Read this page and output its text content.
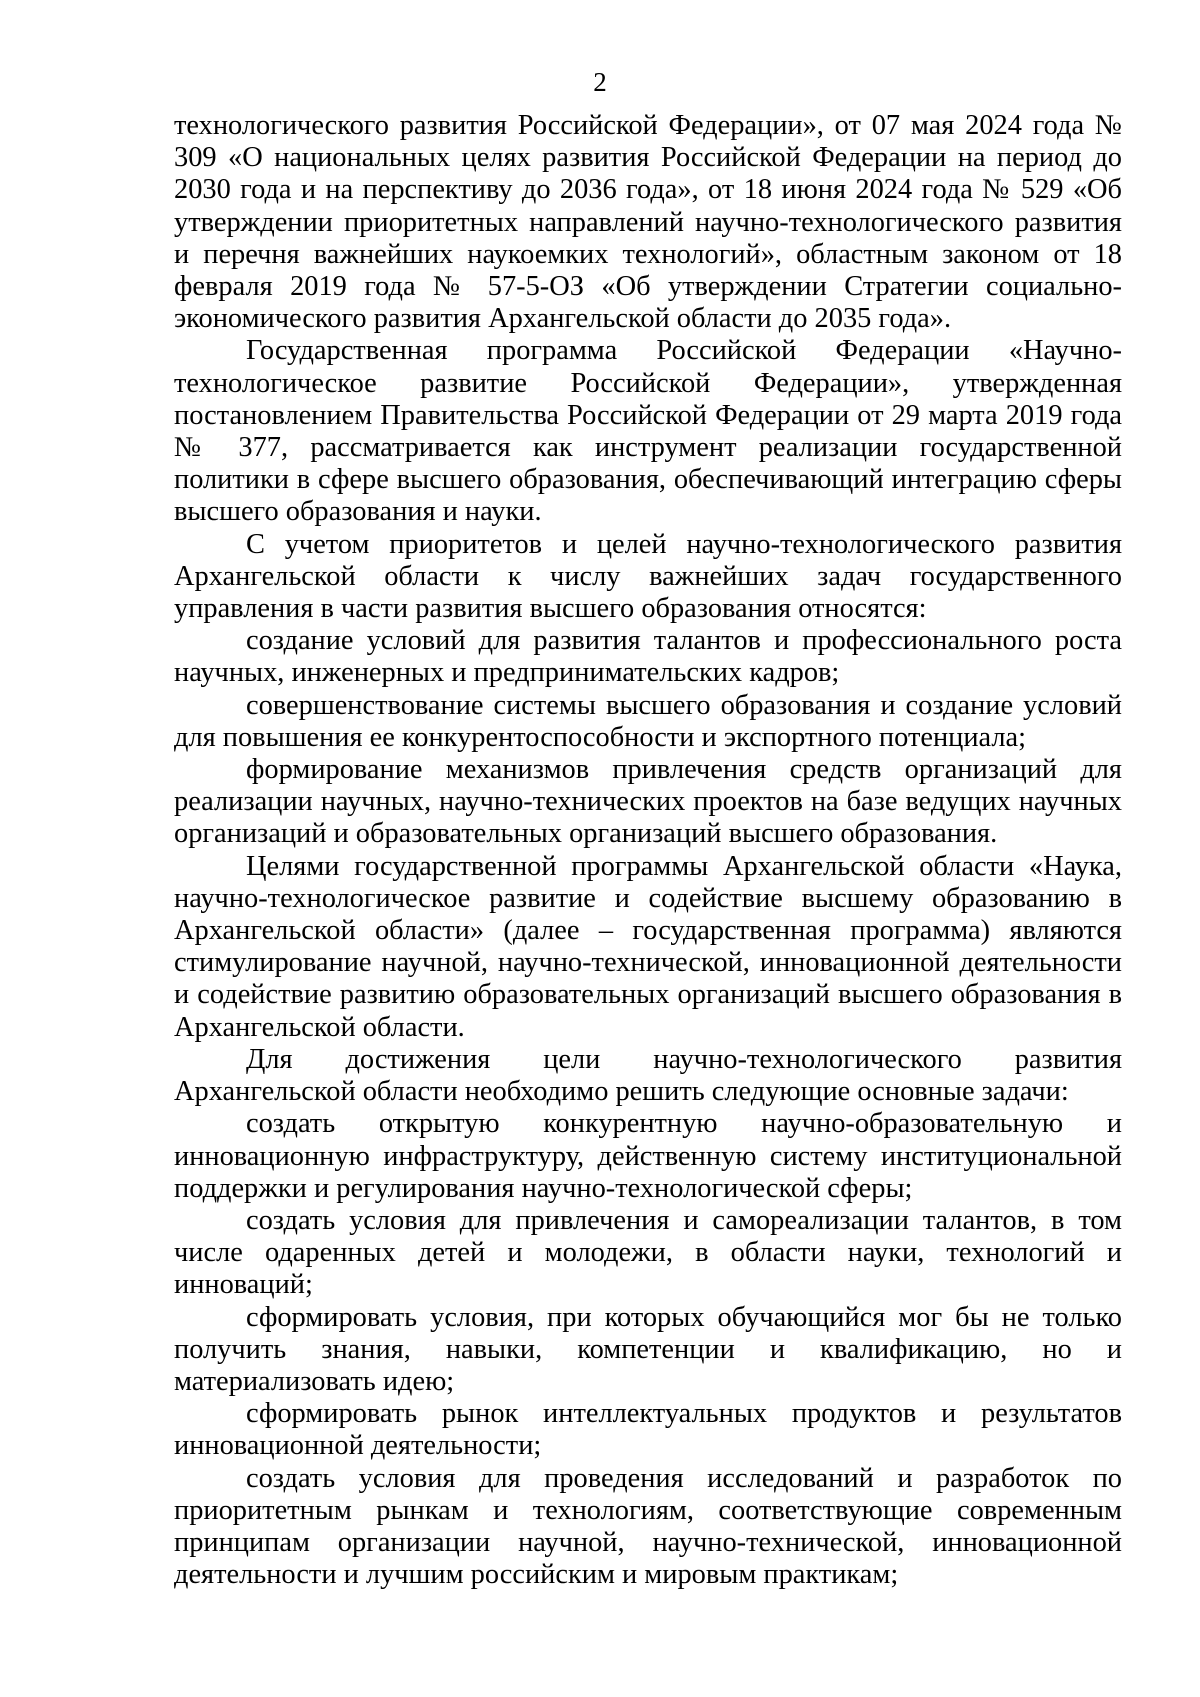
2

технологического развития Российской Федерации», от 07 мая 2024 года № 309 «О национальных целях развития Российской Федерации на период до 2030 года и на перспективу до 2036 года», от 18 июня 2024 года № 529 «Об утверждении приоритетных направлений научно-технологического развития и перечня важнейших наукоемких технологий», областным законом от 18 февраля 2019 года № 57-5-ОЗ «Об утверждении Стратегии социально-экономического развития Архангельской области до 2035 года».

Государственная программа Российской Федерации «Научно-технологическое развитие Российской Федерации», утвержденная постановлением Правительства Российской Федерации от 29 марта 2019 года № 377, рассматривается как инструмент реализации государственной политики в сфере высшего образования, обеспечивающий интеграцию сферы высшего образования и науки.

С учетом приоритетов и целей научно-технологического развития Архангельской области к числу важнейших задач государственного управления в части развития высшего образования относятся:

создание условий для развития талантов и профессионального роста научных, инженерных и предпринимательских кадров;

совершенствование системы высшего образования и создание условий для повышения ее конкурентоспособности и экспортного потенциала;

формирование механизмов привлечения средств организаций для реализации научных, научно-технических проектов на базе ведущих научных организаций и образовательных организаций высшего образования.

Целями государственной программы Архангельской области «Наука, научно-технологическое развитие и содействие высшему образованию в Архангельской области» (далее – государственная программа) являются стимулирование научной, научно-технической, инновационной деятельности и содействие развитию образовательных организаций высшего образования в Архангельской области.

Для достижения цели научно-технологического развития Архангельской области необходимо решить следующие основные задачи:

создать открытую конкурентную научно-образовательную и инновационную инфраструктуру, действенную систему институциональной поддержки и регулирования научно-технологической сферы;

создать условия для привлечения и самореализации талантов, в том числе одаренных детей и молодежи, в области науки, технологий и инноваций;

сформировать условия, при которых обучающийся мог бы не только получить знания, навыки, компетенции и квалификацию, но и материализовать идею;

сформировать рынок интеллектуальных продуктов и результатов инновационной деятельности;

создать условия для проведения исследований и разработок по приоритетным рынкам и технологиям, соответствующие современным принципам организации научной, научно-технической, инновационной деятельности и лучшим российским и мировым практикам;
